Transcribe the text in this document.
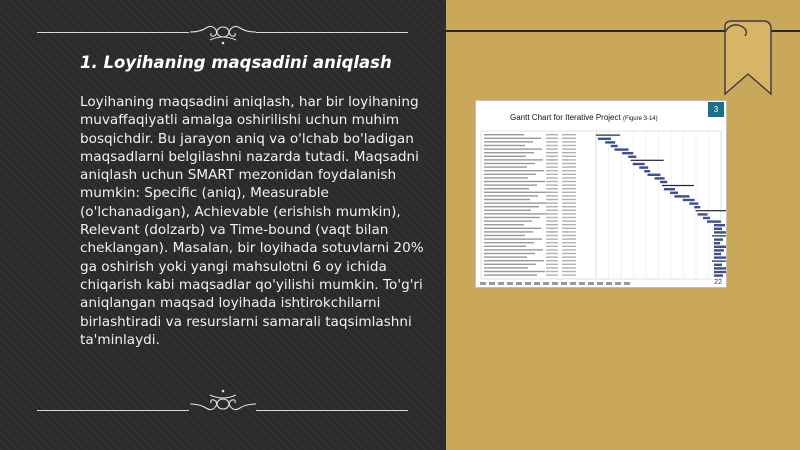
1. Loyihaning maqsadini aniqlash

Loyihaning maqsadini aniqlash, har bir loyihaning muvaffaqiyatli amalga oshirilishi uchun muhim bosqichdir. Bu jarayon aniq va o'lchab bo'ladigan maqsadlarni belgilashni nazarda tutadi. Maqsadni aniqlash uchun SMART mezonidan foydalanish mumkin: Specific (aniq), Measurable (o'lchanadigan), Achievable (erishish mumkin), Relevant (dolzarb) va Time-bound (vaqt bilan cheklangan). Masalan, bir loyihada sotuvlarni 20% ga oshirish yoki yangi mahsulotni 6 oy ichida chiqarish kabi maqsadlar qo'yilishi mumkin. To'g'ri aniqlangan maqsad loyihada ishtirokchilarni birlashtiradi va resurslarni samarali taqsimlashni ta'minlaydi.

Gantt Chart for Iterative Project (Figure 3-14)
3
22
